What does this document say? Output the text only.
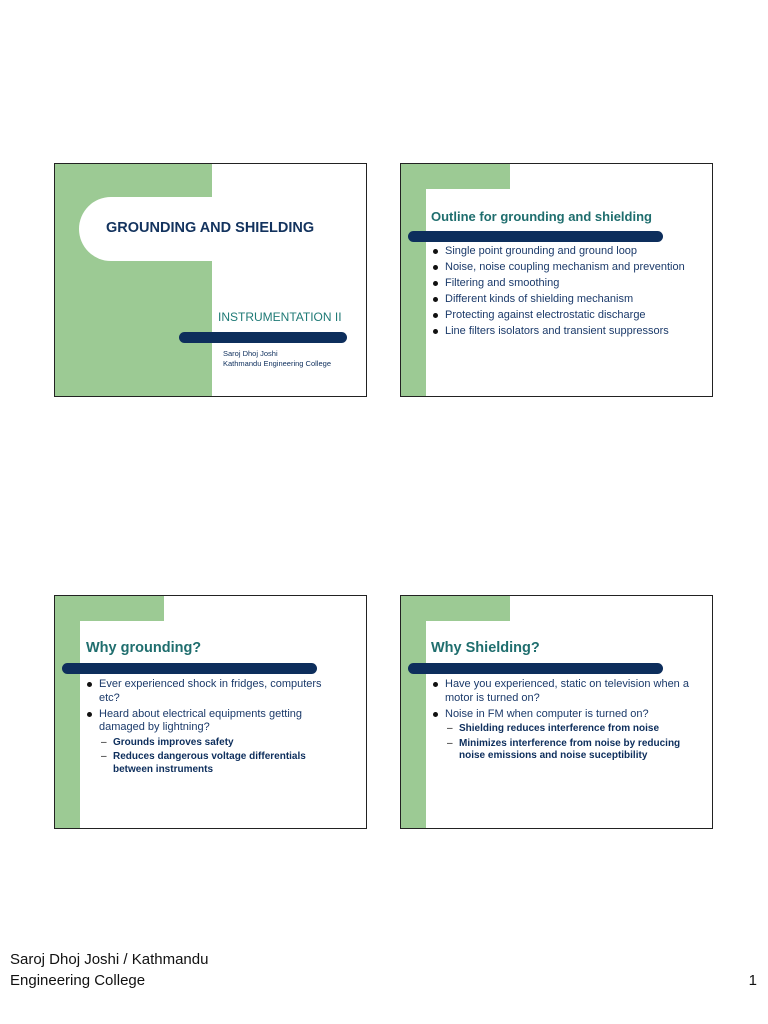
GROUNDING AND SHIELDING
INSTRUMENTATION II
Saroj Dhoj Joshi
Kathmandu Engineering College
Outline for grounding and shielding
Single point grounding and ground loop
Noise, noise coupling mechanism and prevention
Filtering and smoothing
Different kinds of shielding mechanism
Protecting against electrostatic discharge
Line filters isolators and transient suppressors
Why grounding?
Ever experienced shock in fridges, computers etc?
Heard about electrical equipments getting damaged by lightning?
– Grounds improves safety
– Reduces dangerous voltage differentials between instruments
Why Shielding?
Have you experienced, static on television when a motor is turned on?
Noise in FM when computer is turned on?
– Shielding reduces interference from noise
– Minimizes interference from noise by reducing noise emissions and noise suceptibility
Saroj Dhoj Joshi / Kathmandu
Engineering College	1
